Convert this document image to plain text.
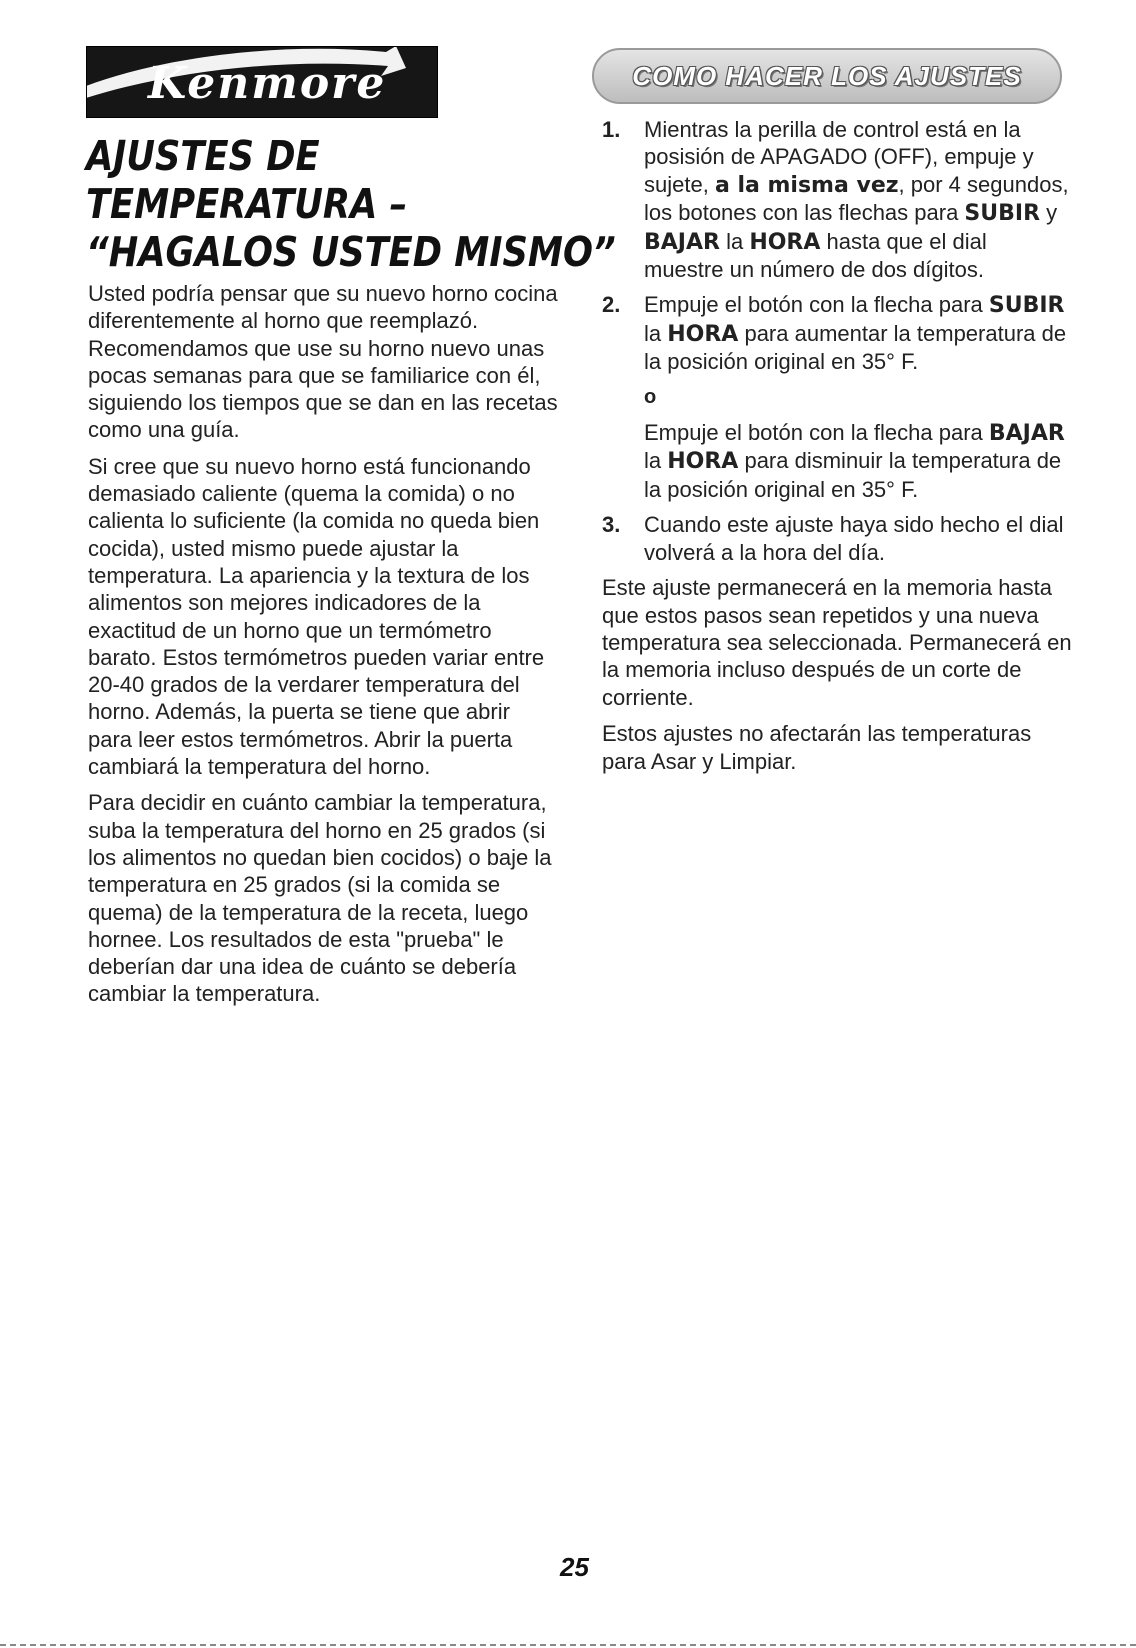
Kenmore
AJUSTES DE
TEMPERATURA –
“HAGALOS USTED MISMO”

Usted podría pensar que su nuevo horno cocina diferentemente al horno que reemplazó. Recomendamos que use su horno nuevo unas pocas semanas para que se familiarice con él, siguiendo los tiempos que se dan en las recetas como una guía.

Si cree que su nuevo horno está funcionando demasiado caliente (quema la comida) o no calienta lo suficiente (la comida no queda bien cocida), usted mismo puede ajustar la temperatura. La apariencia y la textura de los alimentos son mejores indicadores de la exactitud de un horno que un termómetro barato. Estos termómetros pueden variar entre 20-40 grados de la verdarer temperatura del horno. Además, la puerta se tiene que abrir para leer estos termómetros. Abrir la puerta cambiará la temperatura del horno.

Para decidir en cuánto cambiar la temperatura, suba la temperatura del horno en 25 grados (si los alimentos no quedan bien cocidos) o baje la temperatura en 25 grados (si la comida se quema) de la temperatura de la receta, luego hornee. Los resultados de esta "prueba" le deberían dar una idea de cuánto se debería cambiar la temperatura.

COMO HACER LOS AJUSTES
1. Mientras la perilla de control está en la posisión de APAGADO (OFF), empuje y sujete, a la misma vez, por 4 segundos, los botones con las flechas para SUBIR y BAJAR la HORA hasta que el dial muestre un número de dos dígitos.
2. Empuje el botón con la flecha para SUBIR la HORA para aumentar la temperatura de la posición original en 35° F.
o
Empuje el botón con la flecha para BAJAR la HORA para disminuir la temperatura de la posición original en 35° F.
3. Cuando este ajuste haya sido hecho el dial volverá a la hora del día.

Este ajuste permanecerá en la memoria hasta que estos pasos sean repetidos y una nueva temperatura sea seleccionada. Permanecerá en la memoria incluso después de un corte de corriente.

Estos ajustes no afectarán las temperaturas para Asar y Limpiar.

25
